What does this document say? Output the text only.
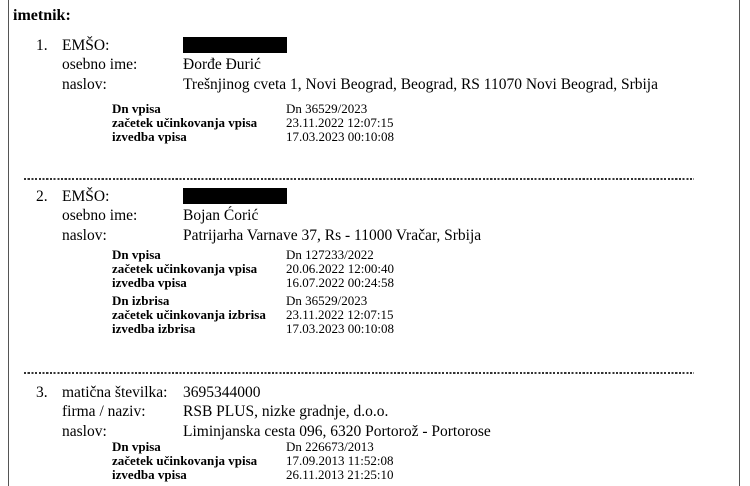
imetnik:
1. EMŠO:
osebno ime:	Đorđe Đurić
naslov:	Trešnjinog cveta 1, Novi Beograd, Beograd, RS 11070 Novi Beograd, Srbija
Dn vpisa	Dn 36529/2023
začetek učinkovanja vpisa	23.11.2022 12:07:15
izvedba vpisa	17.03.2023 00:10:08
2. EMŠO:
osebno ime:	Bojan Ćorić
naslov:	Patrijarha Varnave 37, Rs - 11000 Vračar, Srbija
Dn vpisa	Dn 127233/2022
začetek učinkovanja vpisa	20.06.2022 12:00:40
izvedba vpisa	16.07.2022 00:24:58
Dn izbrisa	Dn 36529/2023
začetek učinkovanja izbrisa	23.11.2022 12:07:15
izvedba izbrisa	17.03.2023 00:10:08
3. matična številka:	3695344000
firma / naziv:	RSB PLUS, nizke gradnje, d.o.o.
naslov:	Liminjanska cesta 096, 6320 Portorož - Portorose
Dn vpisa	Dn 226673/2013
začetek učinkovanja vpisa	17.09.2013 11:52:08
izvedba vpisa	26.11.2013 21:25:10
